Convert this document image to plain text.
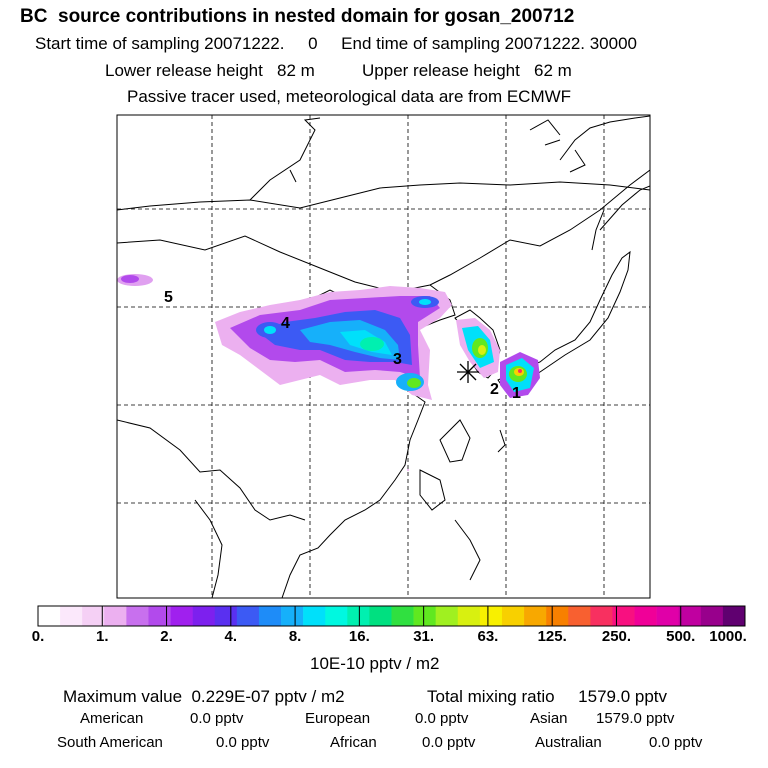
BC  source contributions in nested domain for gosan_200712
Start time of sampling 20071222.     0     End time of sampling 20071222. 30000
Lower release height   82 m          Upper release height   62 m
Passive tracer used, meteorological data are from ECMWF
5
4
3
2 1
0.	1.	2.	4.	8.	16.	31.	63.	125. 250. 500. 1000.
10E-10 pptv / m2
Maximum value  0.229E-07 pptv / m2	Total mixing ratio     1579.0 pptv
American	0.0 pptv	European	0.0 pptv	Asian 1579.0 pptv
South American	0.0 pptv	African	0.0 pptv	Australian	0.0 pptv
